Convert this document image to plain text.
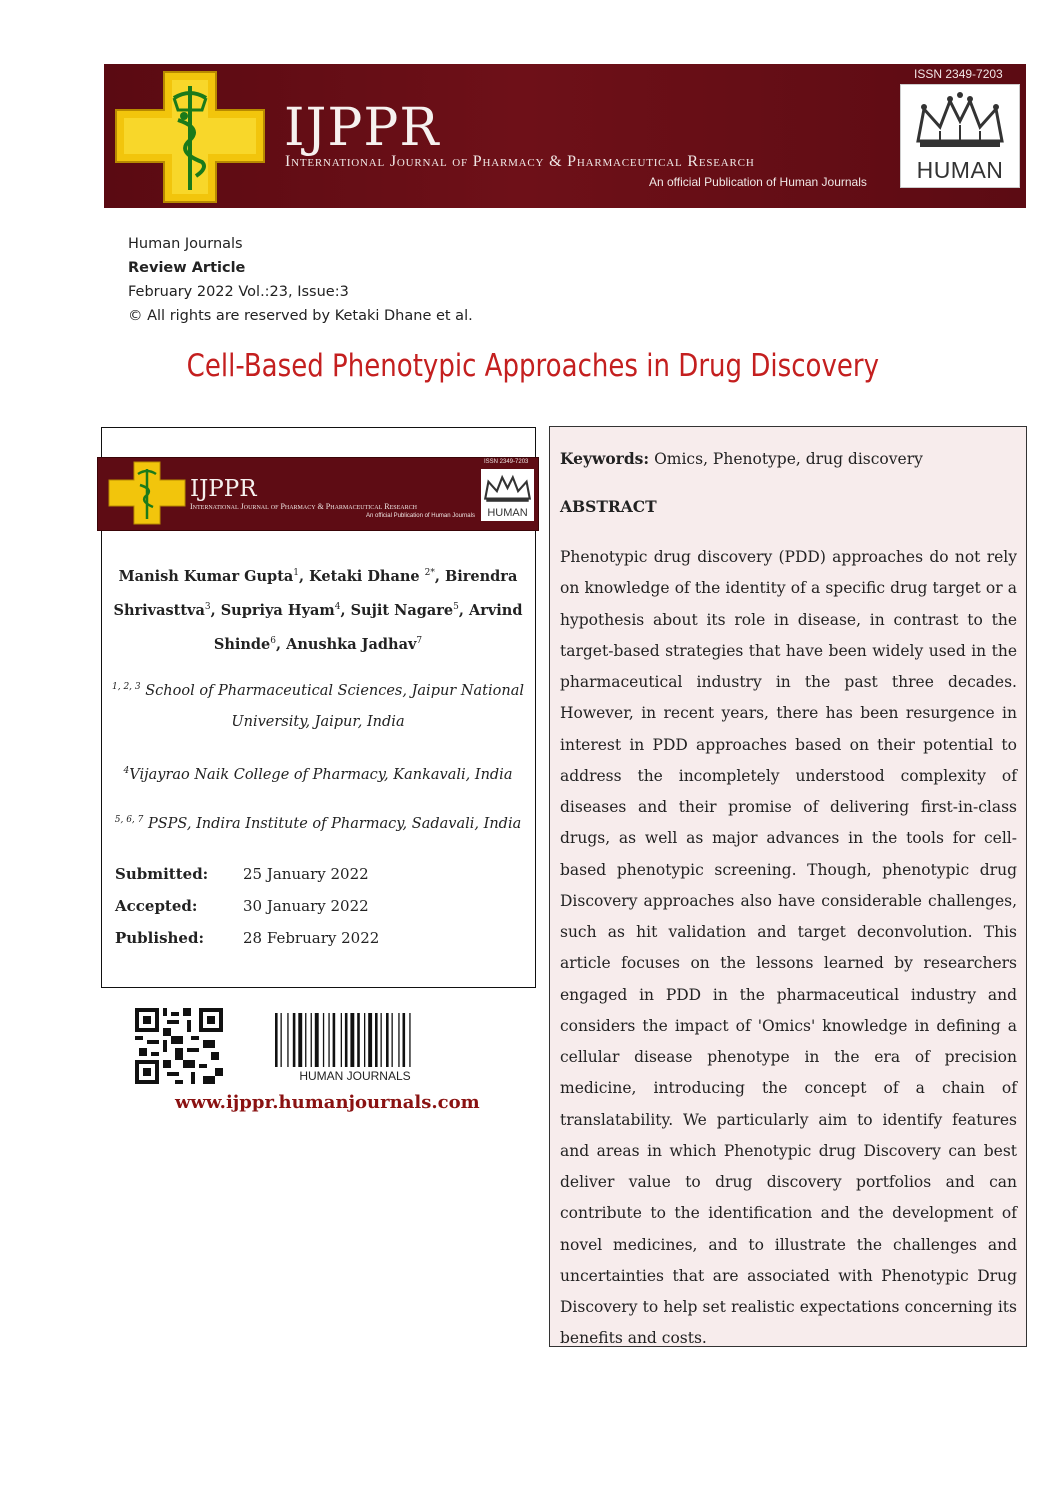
ISSN 2349-7203
IJPPR
International Journal of Pharmacy & Pharmaceutical Research
An official Publication of Human Journals	HUMAN
Human Journals
Review Article
February 2022 Vol.:23, Issue:3
© All rights are reserved by Ketaki Dhane et al.
Cell-Based Phenotypic Approaches in Drug Discovery
ISSN 2349-7203
IJPPR
International Journal of Pharmacy & Pharmaceutical Research
An official Publication of Human Journals	HUMAN
Manish Kumar Gupta$^1$, Ketaki Dhane $^{2*}$, Birendra
Shrivasttva$^3$, Supriya Hyam$^4$, Sujit Nagare$^5$, Arvind
Shinde$^6$, Anushka Jadhav$^7$
$^{1, 2, 3}$ School of Pharmaceutical Sciences, Jaipur National
University, Jaipur, India
$^4$Vijayrao Naik College of Pharmacy, Kankavali, India
$^{5, 6, 7}$ PSPS, Indira Institute of Pharmacy, Sadavali, India
Submitted:	25 January 2022
Accepted:	30 January 2022
Published:	28 February 2022
HUMAN JOURNALS
www.ijppr.humanjournals.com
Keywords: Omics, Phenotype, drug discovery
ABSTRACT
Phenotypic drug discovery (PDD) approaches do not rely on knowledge of the identity of a specific drug target or a hypothesis about its role in disease, in contrast to the target-based strategies that have been widely used in the pharmaceutical industry in the past three decades. However, in recent years, there has been resurgence in interest in PDD approaches based on their potential to address the incompletely understood complexity of diseases and their promise of delivering first-in-class drugs, as well as major advances in the tools for cell-based phenotypic screening. Though, phenotypic drug Discovery approaches also have considerable challenges, such as hit validation and target deconvolution. This article focuses on the lessons learned by researchers engaged in PDD in the pharmaceutical industry and considers the impact of 'Omics' knowledge in defining a cellular disease phenotype in the era of precision medicine, introducing the concept of a chain of translatability. We particularly aim to identify features and areas in which Phenotypic drug Discovery can best deliver value to drug discovery portfolios and can contribute to the identification and the development of novel medicines, and to illustrate the challenges and uncertainties that are associated with Phenotypic Drug Discovery to help set realistic expectations concerning its benefits and costs.
